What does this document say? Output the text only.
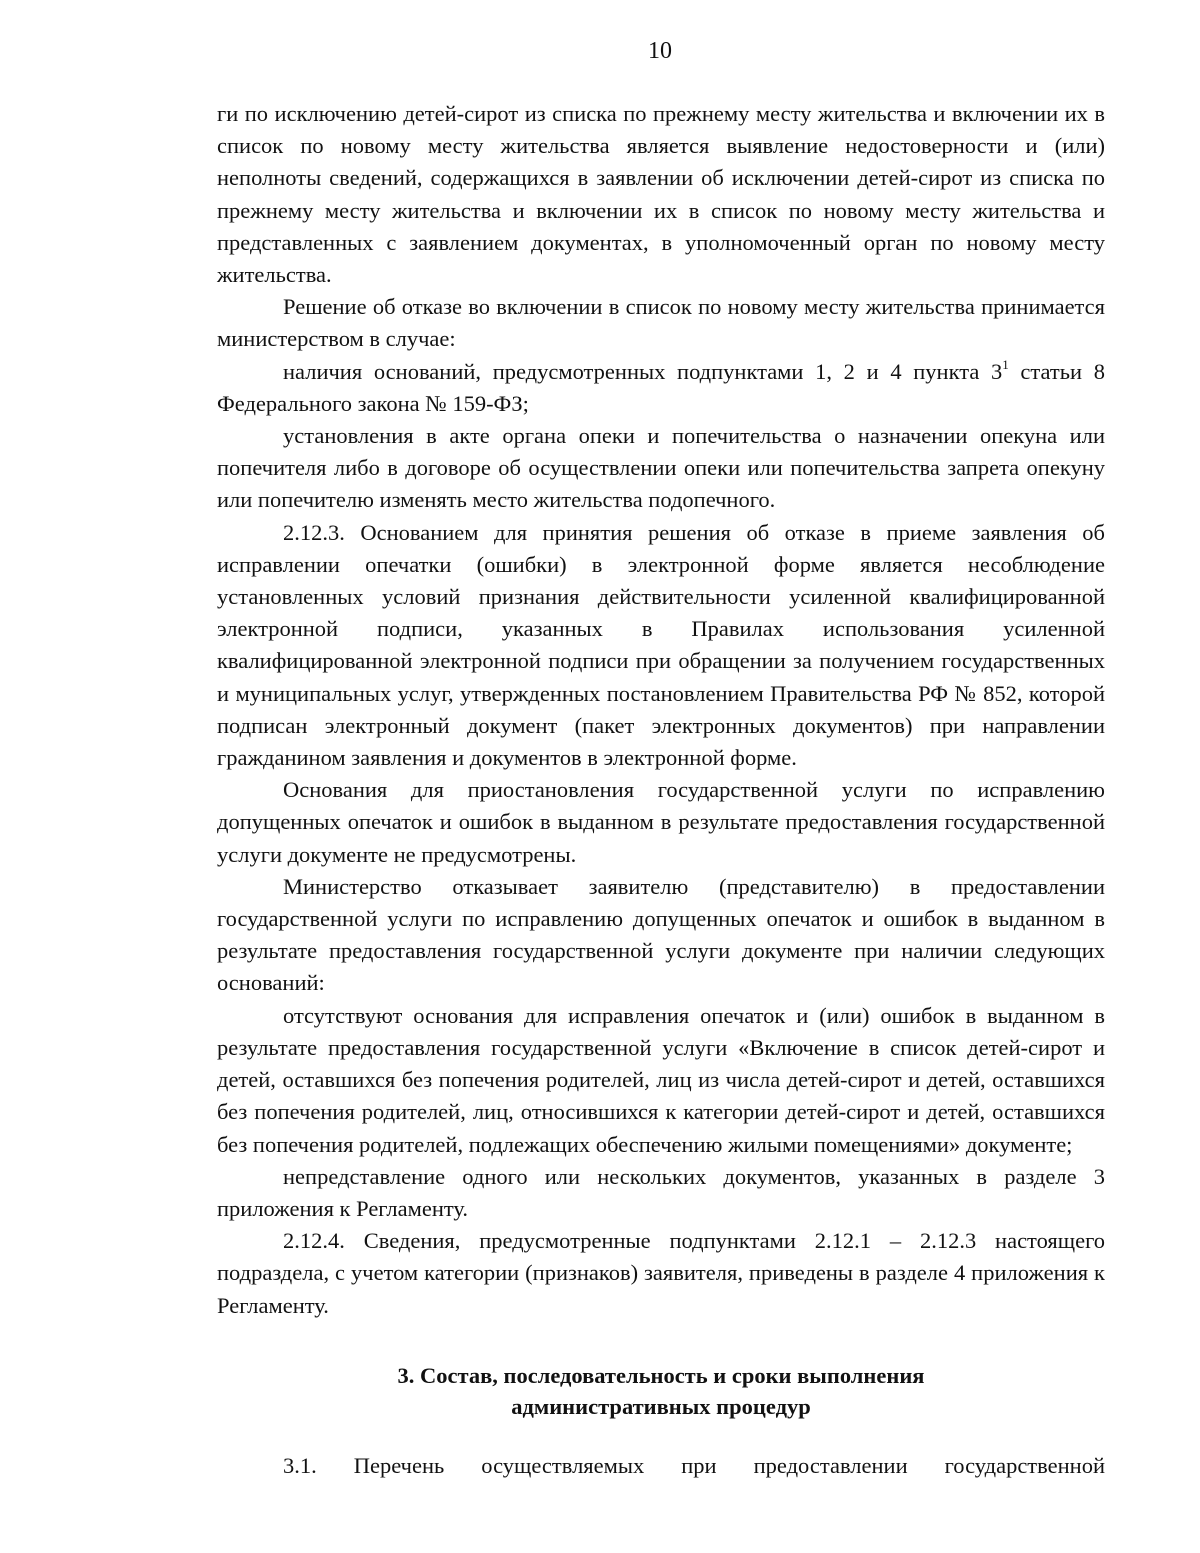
10

ги по исключению детей-сирот из списка по прежнему месту жительства и включении их в список по новому месту жительства является выявление недостоверности и (или) неполноты сведений, содержащихся в заявлении об исключении детей-сирот из списка по прежнему месту жительства и включении их в список по новому месту жительства и представленных с заявлением документах, в уполномоченный орган по новому месту жительства.

Решение об отказе во включении в список по новому месту жительства принимается министерством в случае:

наличия оснований, предусмотренных подпунктами 1, 2 и 4 пункта $3^1$ статьи 8 Федерального закона № 159-ФЗ;

установления в акте органа опеки и попечительства о назначении опекуна или попечителя либо в договоре об осуществлении опеки или попечительства запрета опекуну или попечителю изменять место жительства подопечного.

2.12.3. Основанием для принятия решения об отказе в приеме заявления об исправлении опечатки (ошибки) в электронной форме является несоблюдение установленных условий признания действительности усиленной квалифицированной электронной подписи, указанных в Правилах использования усиленной квалифицированной электронной подписи при обращении за получением государственных и муниципальных услуг, утвержденных постановлением Правительства РФ № 852, которой подписан электронный документ (пакет электронных документов) при направлении гражданином заявления и документов в электронной форме.

Основания для приостановления государственной услуги по исправлению допущенных опечаток и ошибок в выданном в результате предоставления государственной услуги документе не предусмотрены.

Министерство отказывает заявителю (представителю) в предоставлении государственной услуги по исправлению допущенных опечаток и ошибок в выданном в результате предоставления государственной услуги документе при наличии следующих оснований:

отсутствуют основания для исправления опечаток и (или) ошибок в выданном в результате предоставления государственной услуги «Включение в список детей-сирот и детей, оставшихся без попечения родителей, лиц из числа детей-сирот и детей, оставшихся без попечения родителей, лиц, относившихся к категории детей-сирот и детей, оставшихся без попечения родителей, подлежащих обеспечению жилыми помещениями» документе;

непредставление одного или нескольких документов, указанных в разделе 3 приложения к Регламенту.

2.12.4. Сведения, предусмотренные подпунктами 2.12.1 – 2.12.3 настоящего подраздела, с учетом категории (признаков) заявителя, приведены в разделе 4 приложения к Регламенту.

3. Состав, последовательность и сроки выполнения
административных процедур

3.1. Перечень осуществляемых при предоставлении государственной
